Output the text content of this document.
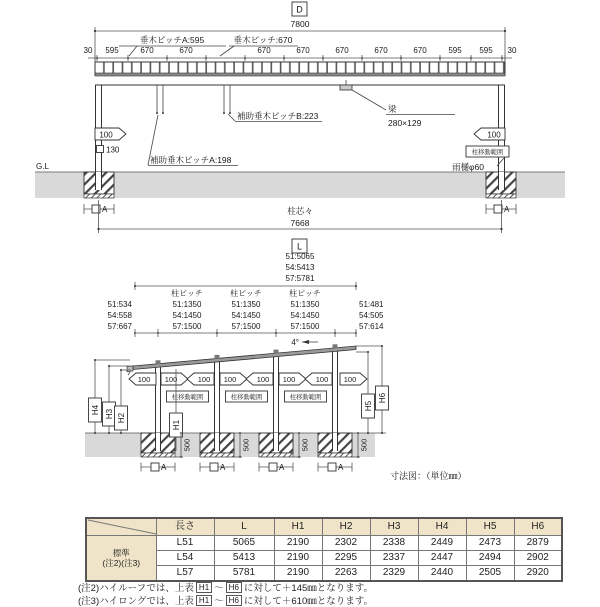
D
7800
垂木ピッチA:595	垂木ピッチ:670
30 595	670	670	670	670	670	670	670	595 595 30
100
130
補助垂木ピッチA:198
補助垂木ピッチB:223
G.L
梁
280×129
100
柱移動範囲
雨樋φ60
A	A
柱芯々
7668
L
51:5065
54:5413
57:5781
柱ピッチ	柱ピッチ	柱ピッチ
51:1350
54:1450
57:1500
51:1350
54:1450
57:1500
51:1350
54:1450
57:1500
51:534
54:558
57:667
51:481
54:505
57:614
4°
100 100	100 100	100 100	100 100
柱移動範囲	柱移動範囲	柱移動範囲
H4 H3 H2
H1
H5
H6
500	500	500	500
A	A	A	A
寸法図：（単位㎜）
	長さ	L	H1	H2	H3	H4	H5	H6

標準
(注2)(注3)	L51	5065	2190	2302	2338	2449	2473	2879
	L54	5413	2190	2295	2337	2447	2494	2902
	L57	5781	2190	2263	2329	2440	2505	2920
(注2)ハイルーフでは、上表 H1 ～ H6 に対して＋145㎜となります。
(注3)ハイロングでは、上表 H1 ～ H6 に対して＋610㎜となります。
